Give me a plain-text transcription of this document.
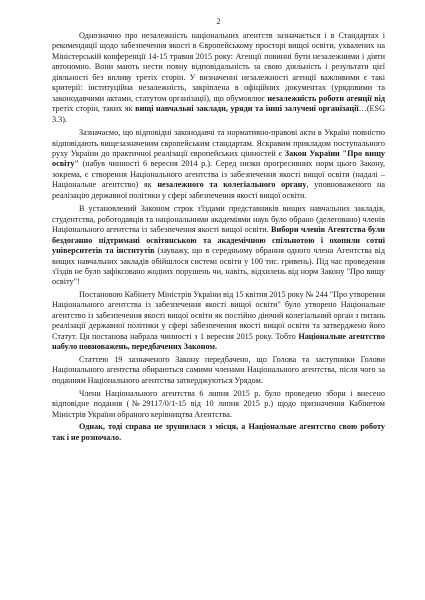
2

Однозначно про незалежність національних агентств зазначається і в Стандартах і рекомендації щодо забезпечення якості в Європейському просторі вищої освіти, ухвалених на Міністерській конференції 14-15 травня 2015 року: Агенції повинні бути незалежними і діяти автономно. Вони мають нести повну відповідальність за свою діяльність і результати цієї діяльності без впливу третіх сторін. У визначенні незалежності агенції важливими є такі критерії: інституційна незалежність, закріплена в офіційних документах (урядовими та законодавчими актами, статутом організації), що обумовлює незалежність роботи агенції від третіх сторін, таких як вищі навчальні заклади, уряди та інші залучені організації…(ESG 3.3).

Зазначаємо, що відповідні законодавчі та нормативно-правові акти в Україні повністю відповідають вищезазначеним європейським стандартам. Яскравим прикладом поступального руху України до практичної реалізації європейських цінностей є Закон України "Про вищу освіту" (набув чинності 6 вересня 2014 р.). Серед низки прогресивних норм цього Закону, зокрема, є створення Національного агентства із забезпечення якості вищої освіти (надалі – Національне агентство) як незалежного та колегіального органу, уповноваженого на реалізацію державної політики у сфері забезпечення якості вищої освіти.

В установлений Законом строк з'їздами представників вищих навчальних закладів, студентства, роботодавців та національними академіями наук було обрано (делеговано) членів Національного агентства із забезпечення якості вищої освіти. Вибори членів Агентства були бездоганно підтримані освітянською та академічною спільнотою і охопили сотні університетів та інститутів (зауважу, що в середньому обрання одного члена Агентства від вищих навчальних закладів обійшлося системі освіти у 100 тис. гривень). Під час проведення з'їздів не було зафіксовано жодних порушень чи, навіть, відхилень від норм Закону "Про вищу освіту"!

Постановою Кабінету Міністрів України від 15 квітня 2015 року № 244 "Про утворення Національного агентства із забезпечення якості вищої освіти" було утворено Національне агентство із забезпечення якості вищої освіти як постійно діючий колегіальний орган з питань реалізації державної політики у сфері забезпечення якості вищої освіти та затверджено його Статут. Ця постанова набрала чинності з 1 вересня 2015 року. Тобто Національне агентство набуло повноважень, передбачених Законом.

Статтею 19 зазначеного Закону передбачено, що Голова та заступники Голови Національного агентства обираються самими членами Національного агентства, після чого за поданням Національного агентства затверджуються Урядом.

Члени Національного агентства 6 липня 2015 р. було проведено збори і внесено відповідне подання (№29117/0/1-15 від 10 липня 2015 р.) щодо призначення Кабінетом Міністрів України обраного керівництва Агентства.

Однак, тоді справа не зрушилася з місця, а Національне агентство свою роботу так і не розпочало.
